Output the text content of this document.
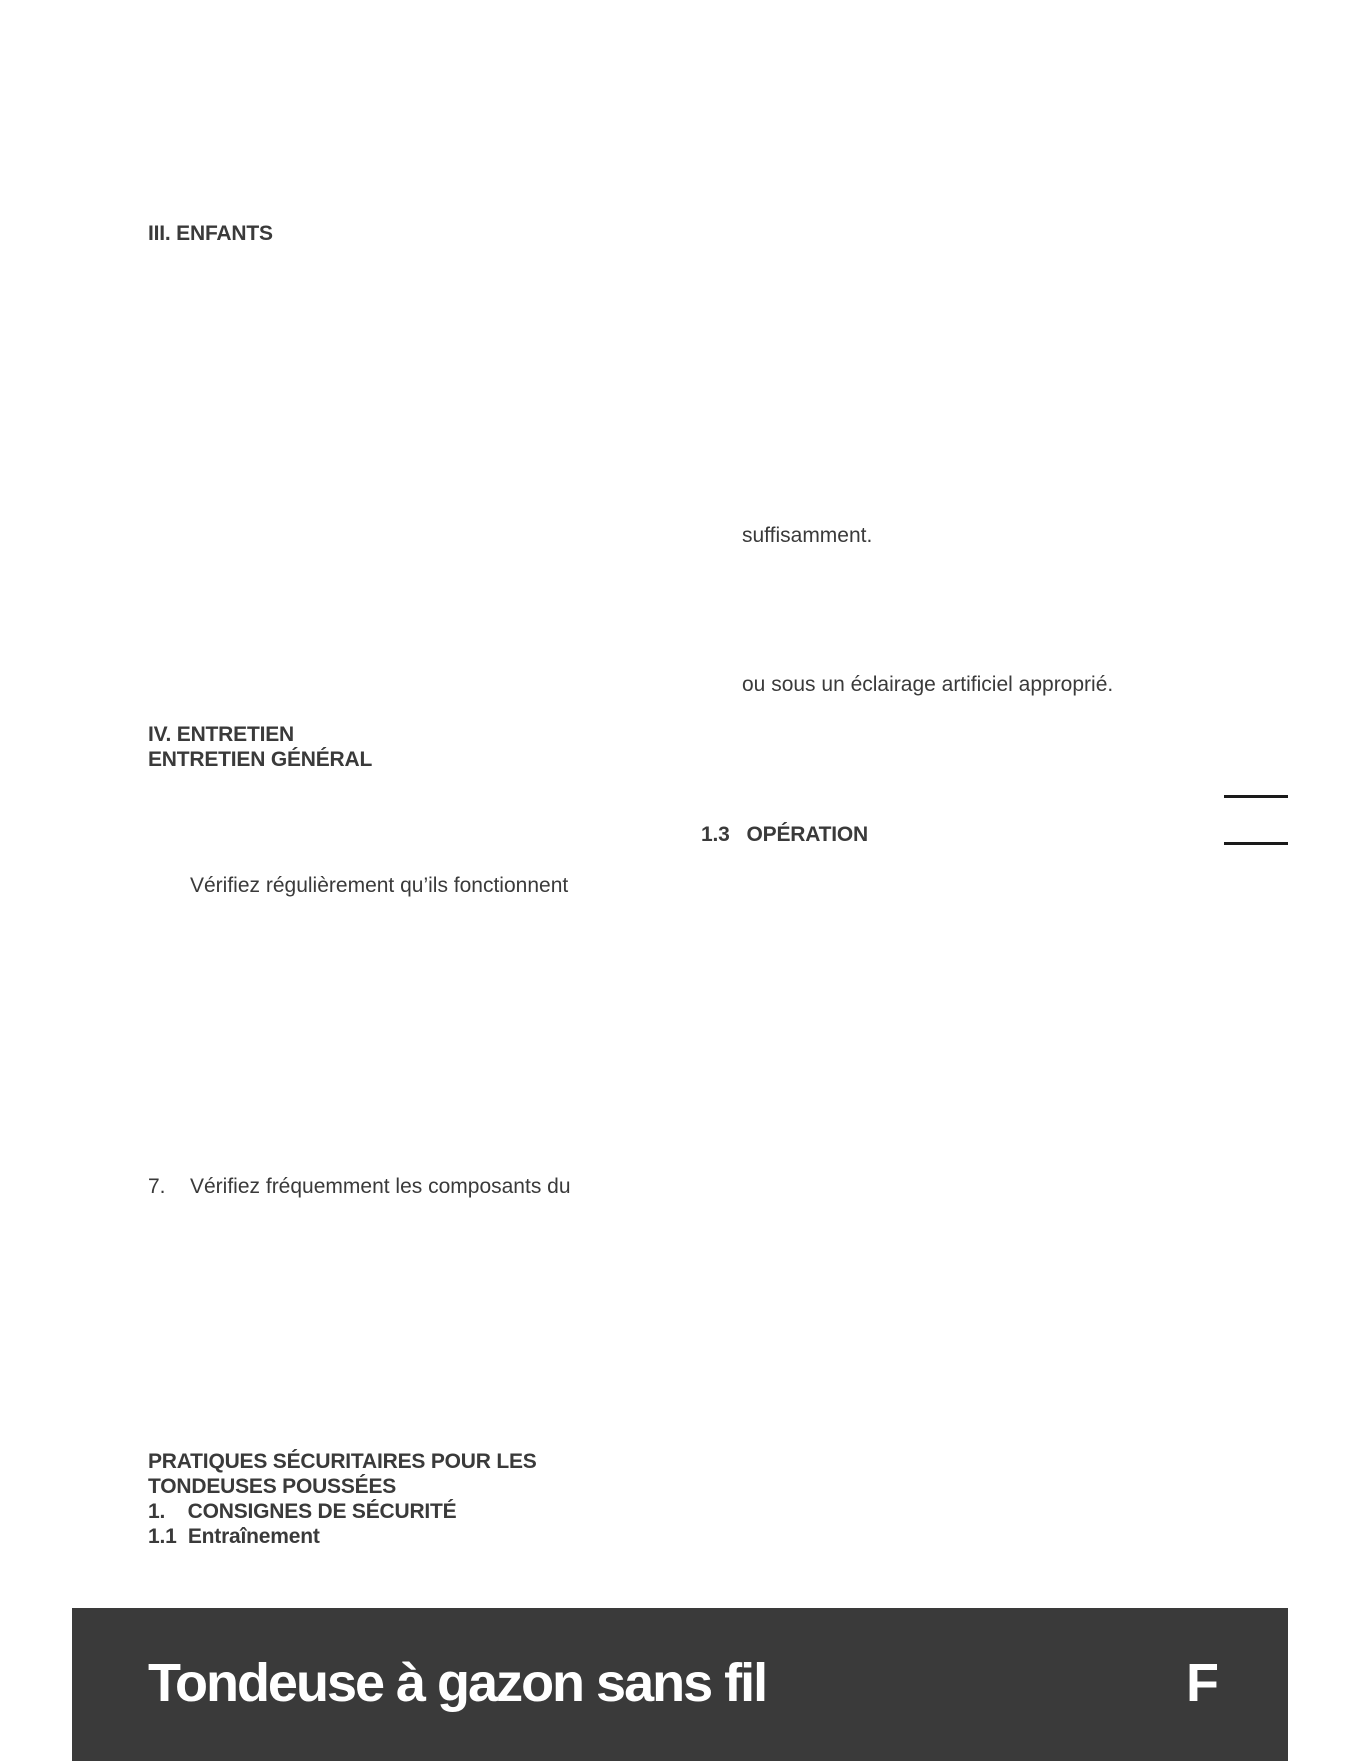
III. ENFANTS
IV. ENTRETIEN
ENTRETIEN GÉNÉRAL
Vérifiez régulièrement qu’ils fonctionnent
7. Vérifiez fréquemment les composants du
PRATIQUES SÉCURITAIRES POUR LES
TONDEUSES POUSSÉES
1.    CONSIGNES DE SÉCURITÉ
1.1  Entraînement
suffisamment.
ou sous un éclairage artificiel approprié.
1.3   OPÉRATION
Tondeuse à gazon sans fil	F
